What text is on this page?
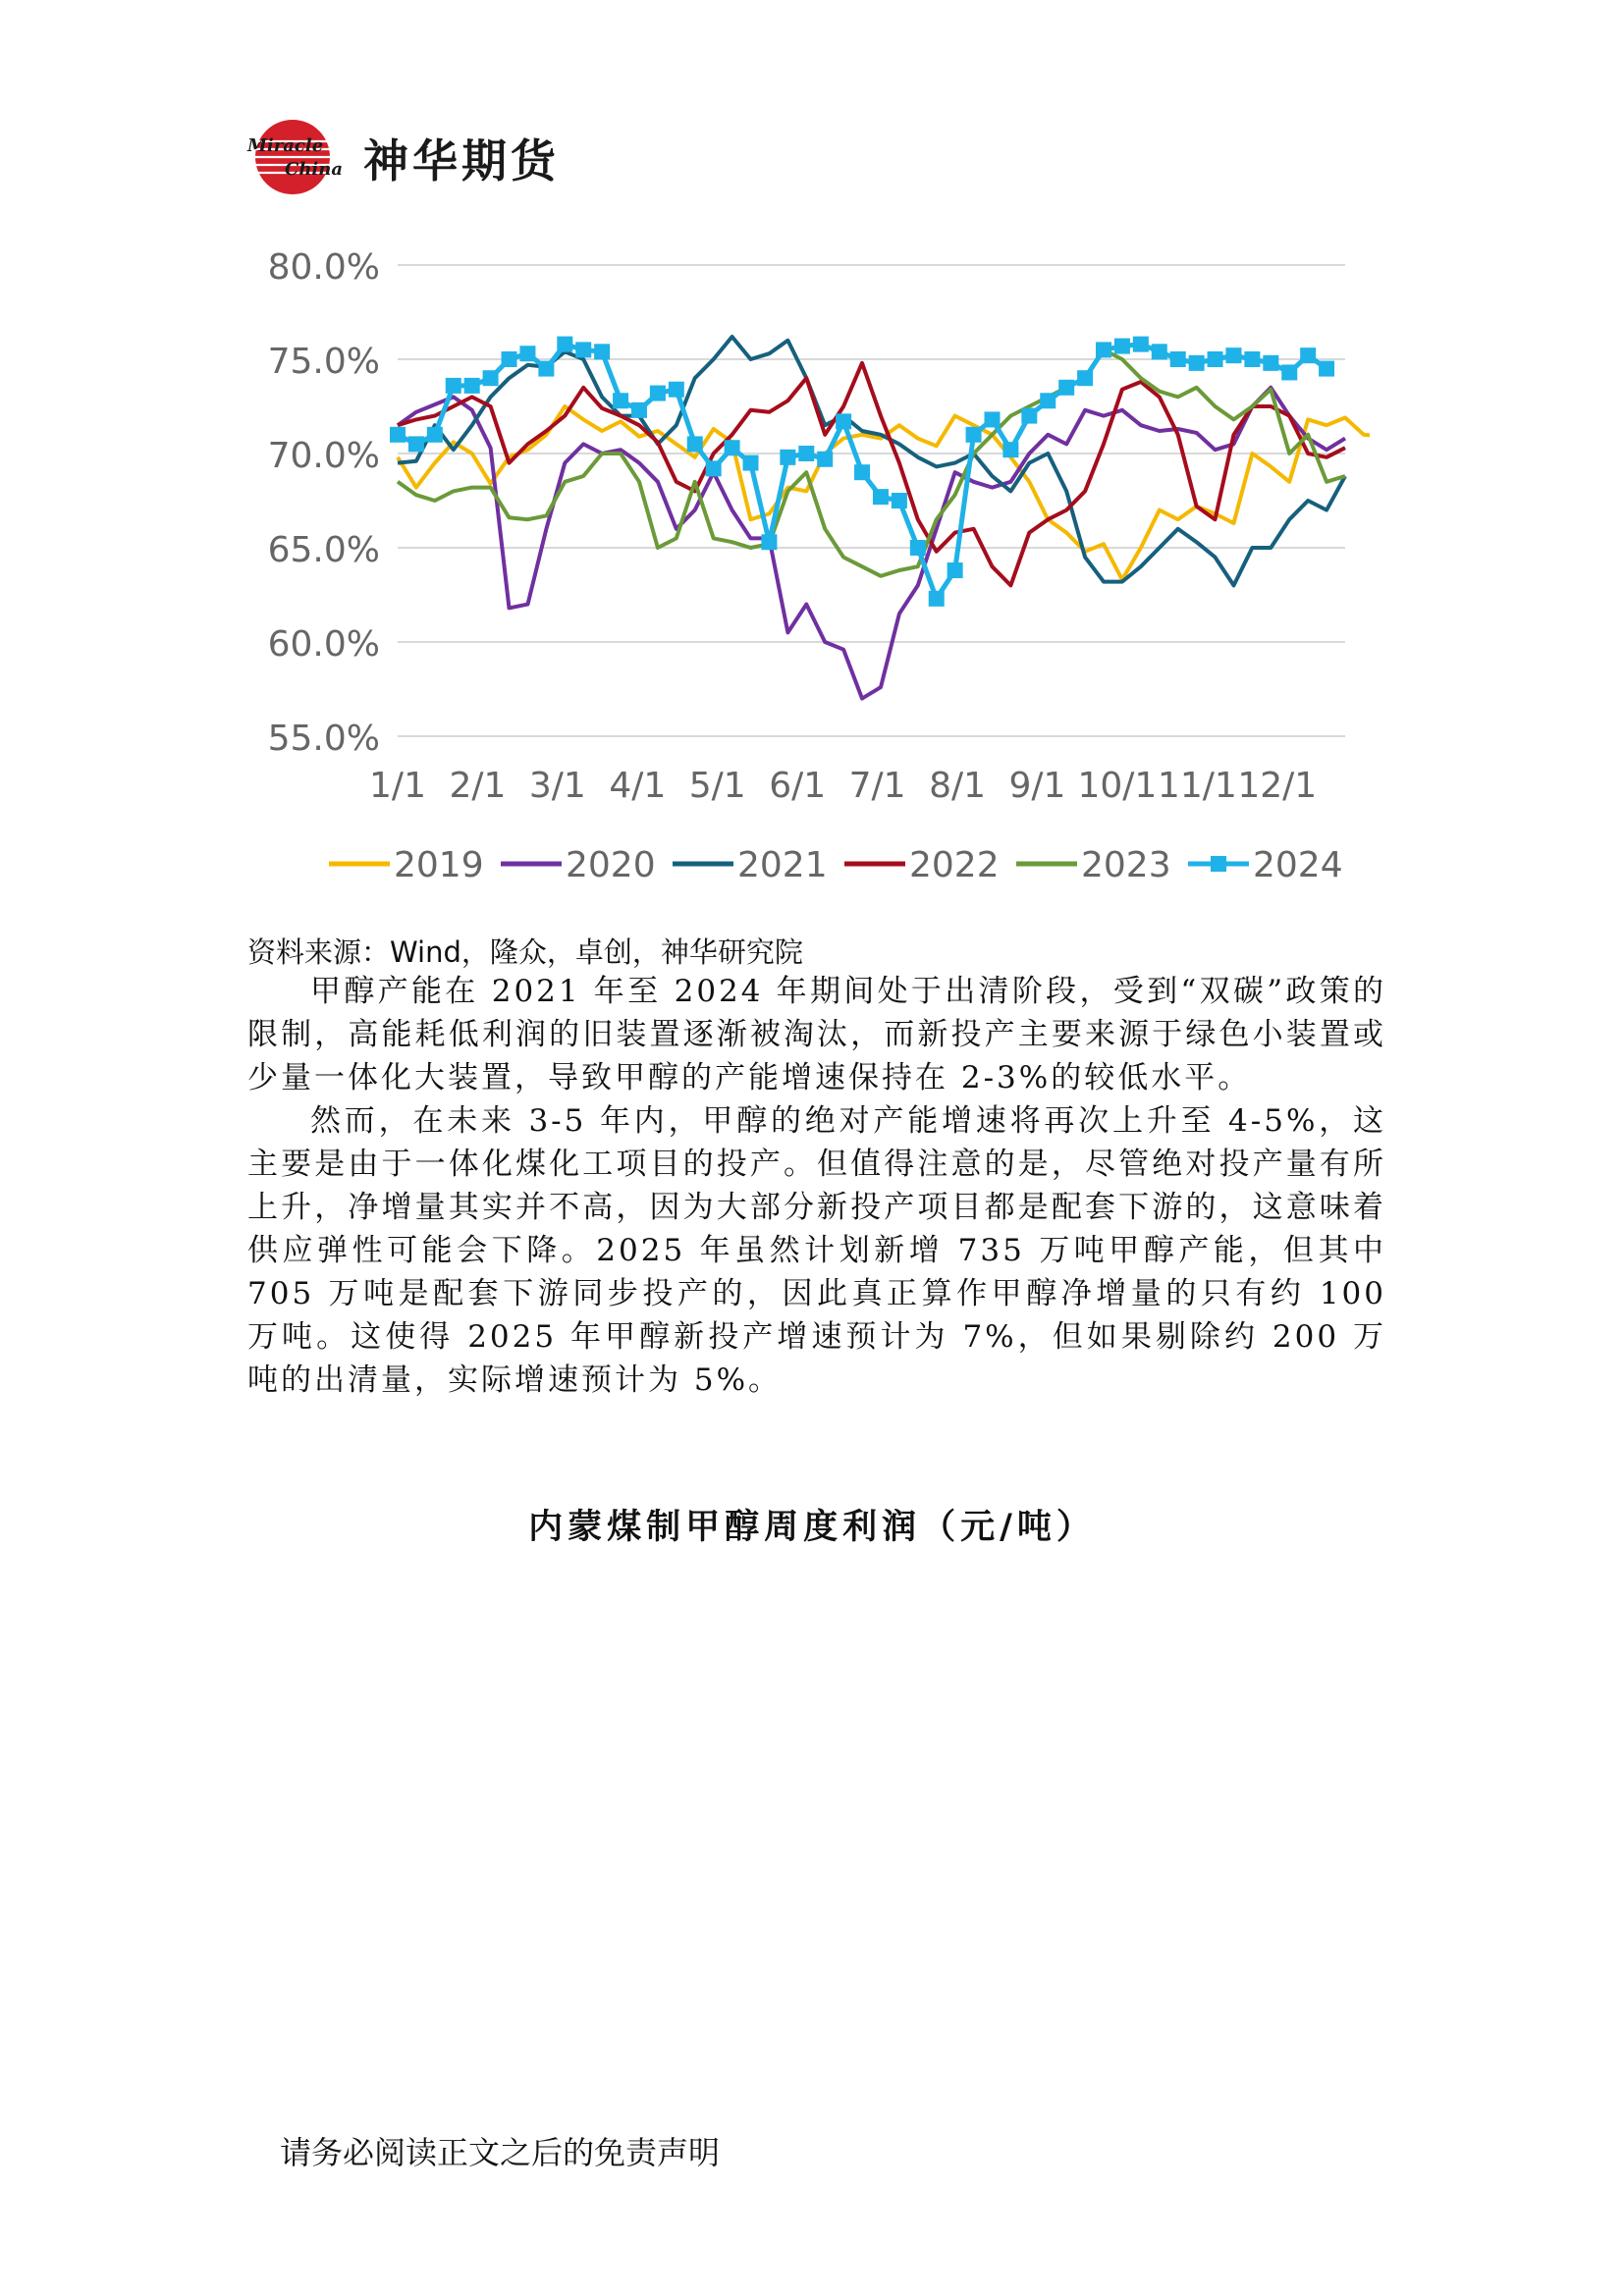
Miracle
China 神华期货
80.0%
75.0%
70.0%
65.0%
60.0%
55.0%
1/1 2/1 3/1 4/1 5/1 6/1 7/1 8/1 9/1 10/1 11/1 12/1
2019 2020 2021 2022 2023 2024
资料来源：Wind，隆众，卓创，神华研究院

甲醇产能在 2021 年至 2024 年期间处于出清阶段，受到“双碳”政策的限制，高能耗低利润的旧装置逐渐被淘汰，而新投产主要来源于绿色小装置或少量一体化大装置，导致甲醇的产能增速保持在 2-3%的较低水平。

然而，在未来 3-5 年内，甲醇的绝对产能增速将再次上升至 4-5%，这主要是由于一体化煤化工项目的投产。但值得注意的是，尽管绝对投产量有所上升，净增量其实并不高，因为大部分新投产项目都是配套下游的，这意味着供应弹性可能会下降。2025 年虽然计划新增 735 万吨甲醇产能，但其中 705 万吨是配套下游同步投产的，因此真正算作甲醇净增量的只有约 100 万吨。这使得 2025 年甲醇新投产增速预计为 7%，但如果剔除约 200 万吨的出清量，实际增速预计为 5%。

内蒙煤制甲醇周度利润（元/吨）
请务必阅读正文之后的免责声明
